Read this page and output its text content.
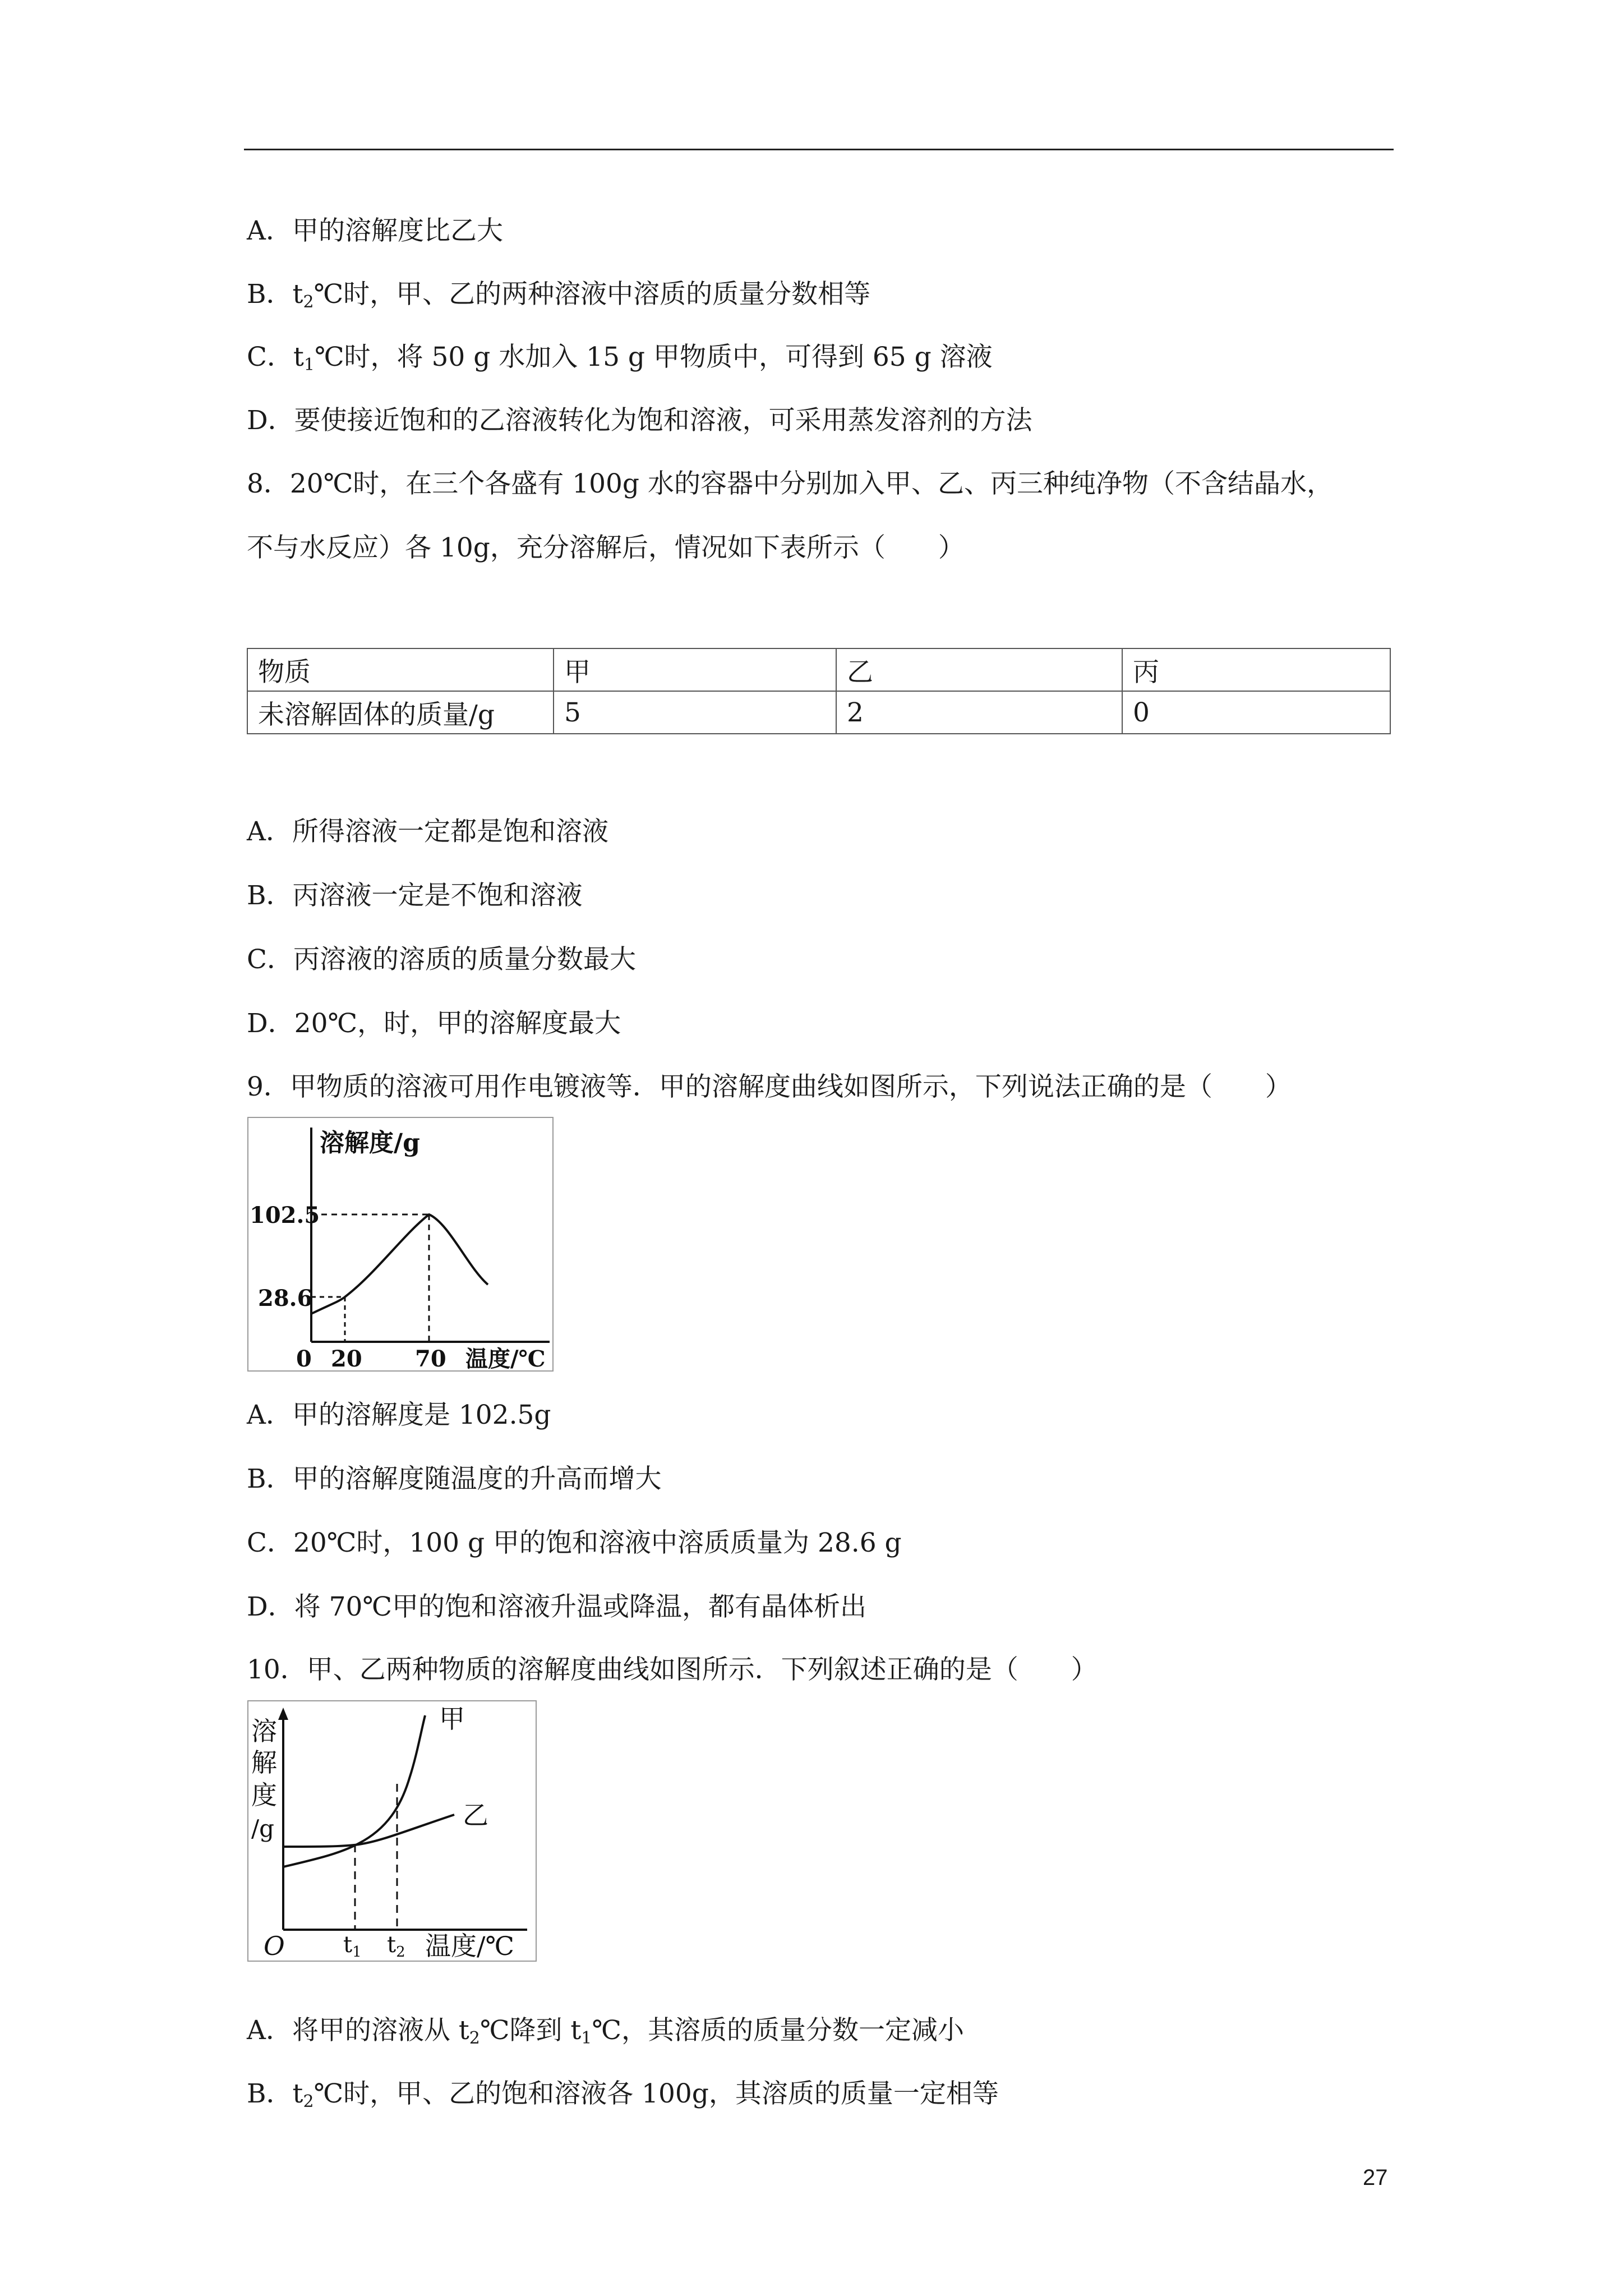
A．甲的溶解度比乙大
B．$t_2℃$时，甲、乙的两种溶液中溶质的质量分数相等
C．$t_1℃$时，将 50 g 水加入 15 g 甲物质中，可得到 65 g 溶液
D．要使接近饱和的乙溶液转化为饱和溶液，可采用蒸发溶剂的方法
8．20℃时，在三个各盛有 100g 水的容器中分别加入甲、乙、丙三种纯净物（不含结晶水，
不与水反应）各 10g，充分溶解后，情况如下表所示（　　）
物质	甲	乙	丙
未溶解固体的质量/g	5	2	0
A．所得溶液一定都是饱和溶液
B．丙溶液一定是不饱和溶液
C．丙溶液的溶质的质量分数最大
D．20℃，时，甲的溶解度最大
9．甲物质的溶液可用作电镀液等．甲的溶解度曲线如图所示，下列说法正确的是（　　）
溶解度/g
102.5
28.6
0 20 70 温度/℃
A．甲的溶解度是 102.5g
B．甲的溶解度随温度的升高而增大
C．20℃时，100 g 甲的饱和溶液中溶质质量为 28.6 g
D．将 70℃甲的饱和溶液升温或降温，都有晶体析出
10．甲、乙两种物质的溶解度曲线如图所示．下列叙述正确的是（　　）
溶
解
度
/g
甲
乙
O	$t_1$ $t_2$ 温度/℃
A．将甲的溶液从 $t_2℃$降到 $t_1℃$，其溶质的质量分数一定减小
B．$t_2℃$时，甲、乙的饱和溶液各 100g，其溶质的质量一定相等
27
